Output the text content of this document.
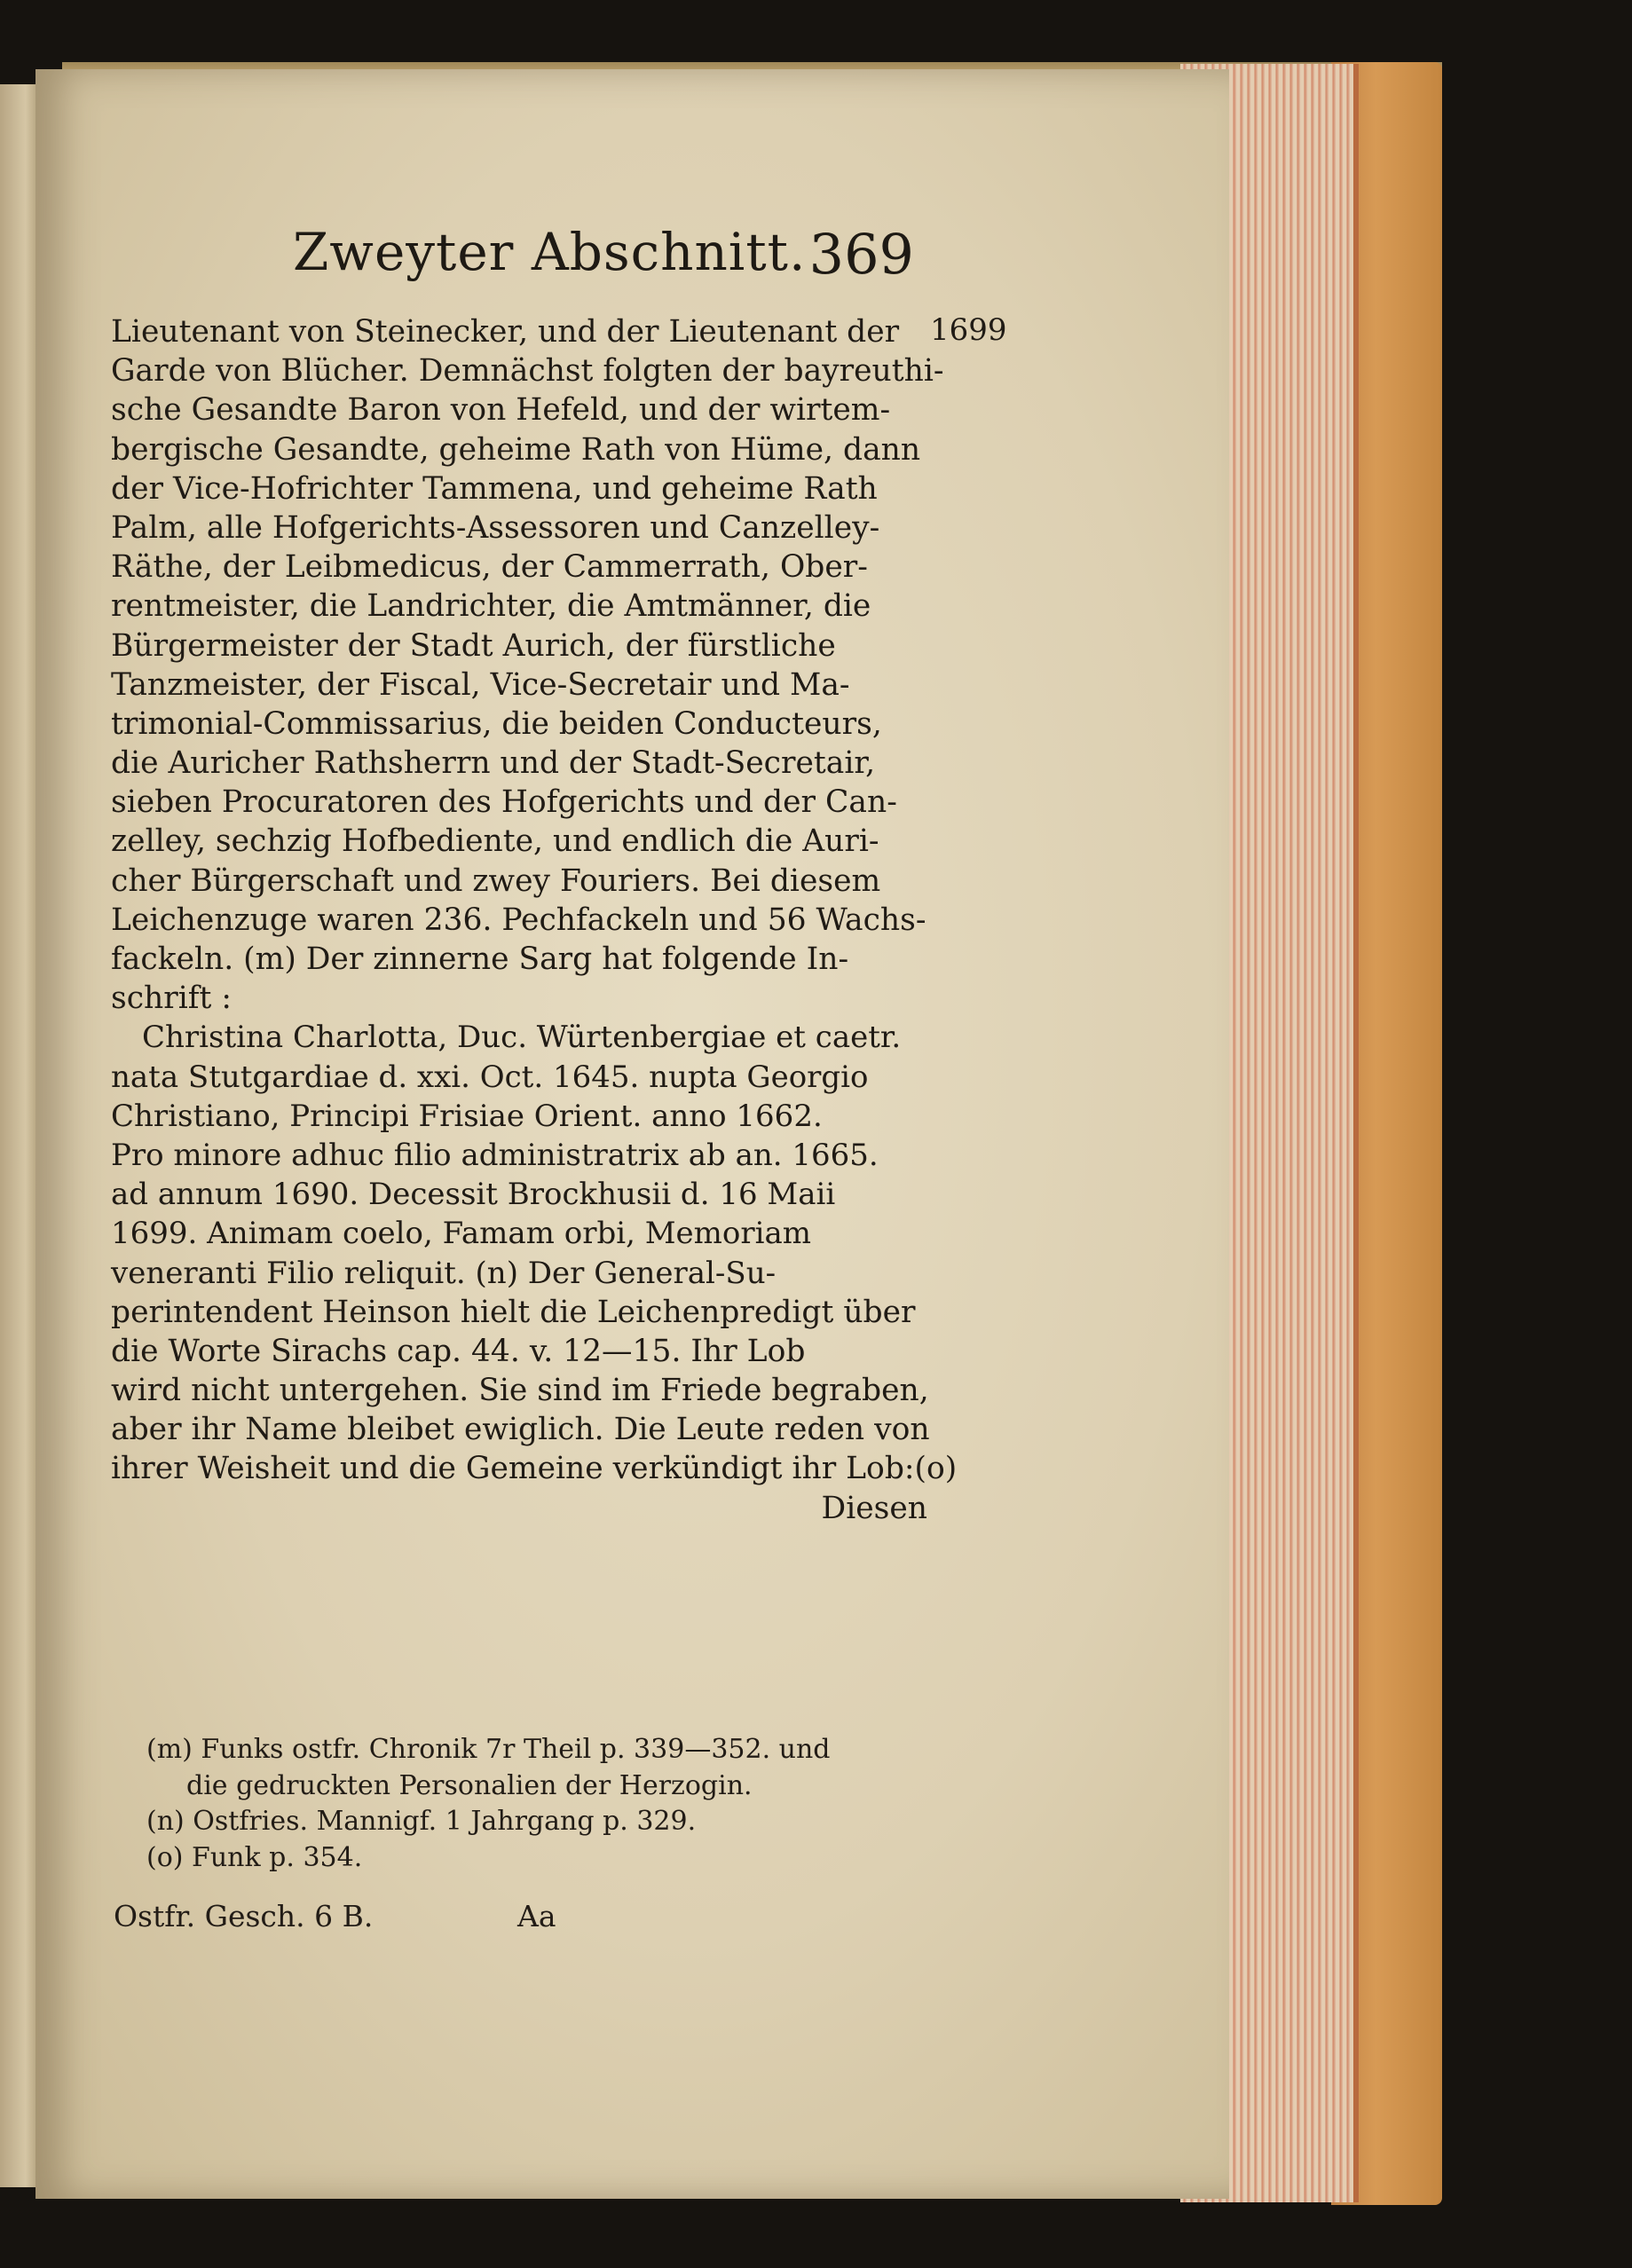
Zweyter Abschnitt. 369
1699
Lieutenant von Steinecker, und der Lieutenant der
Garde von Blücher. Demnächst folgten der bayreuthi-
sche Gesandte Baron von Hefeld, und der wirtem-
bergische Gesandte, geheime Rath von Hüme, dann
der Vice-Hofrichter Tammena, und geheime Rath
Palm, alle Hofgerichts-Assessoren und Canzelley-
Räthe, der Leibmedicus, der Cammerrath, Ober-
rentmeister, die Landrichter, die Amtmänner, die
Bürgermeister der Stadt Aurich, der fürstliche
Tanzmeister, der Fiscal, Vice-Secretair und Ma-
trimonial-Commissarius, die beiden Conducteurs,
die Auricher Rathsherrn und der Stadt-Secretair,
sieben Procuratoren des Hofgerichts und der Can-
zelley, sechzig Hofbediente, und endlich die Auri-
cher Bürgerschaft und zwey Fouriers. Bei diesem
Leichenzuge waren 236. Pechfackeln und 56 Wachs-
fackeln. (m) Der zinnerne Sarg hat folgende In-
schrift :
Christina Charlotta, Duc. Würtenbergiae et caetr.
nata Stutgardiae d. xxi. Oct. 1645. nupta Georgio
Christiano, Principi Frisiae Orient. anno 1662.
Pro minore adhuc filio administratrix ab an. 1665.
ad annum 1690. Decessit Brockhusii d. 16 Maii
1699. Animam coelo, Famam orbi, Memoriam
veneranti Filio reliquit. (n) Der General-Su-
perintendent Heinson hielt die Leichenpredigt über
die Worte Sirachs cap. 44. v. 12—15. Ihr Lob
wird nicht untergehen. Sie sind im Friede begraben,
aber ihr Name bleibet ewiglich. Die Leute reden von
ihrer Weisheit und die Gemeine verkündigt ihr Lob:(o)
Diesen
(m) Funks ostfr. Chronik 7r Theil p. 339—352. und
die gedruckten Personalien der Herzogin.
(n) Ostfries. Mannigf. 1 Jahrgang p. 329.
(o) Funk p. 354.
Ostfr. Gesch. 6 B.	Aa
